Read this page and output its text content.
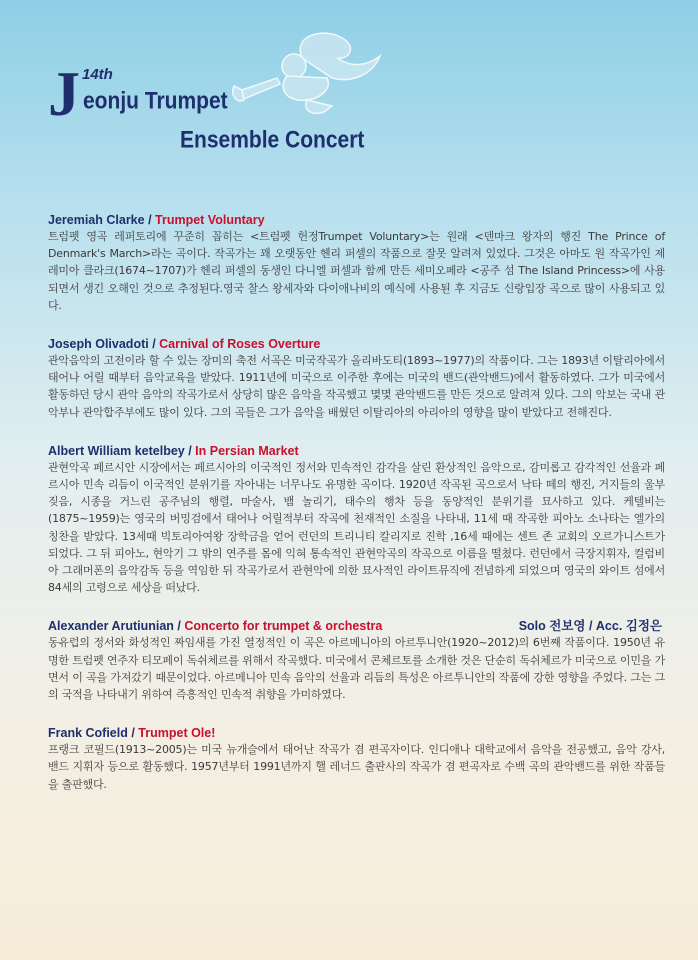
J 14th
eonju Trumpet
Ensemble Concert
Jeremiah Clarke / Trumpet Voluntary

트럼펫 영곡 레퍼토리에 꾸준히 꼽히는 <트럼펫 헌정Trumpet Voluntary>는 원래 <덴마크 왕자의 행진 The Prince of Denmark's March>라는 곡이다. 작곡가는 꽤 오랫동안 헨리 퍼셀의 작품으로 잘못 알려져 있었다. 그것은 아마도 원 작곡가인 제레미아 클라크(1674~1707)가 헨리 퍼셀의 동생인 다니엘 퍼셀과 함께 만든 세미오페라 <공주 섬 The Island Princess>에 사용되면서 생긴 오해인 것으로 추정된다.영국 찰스 왕세자와 다이애나비의 예식에 사용된 후 지금도 신랑입장 곡으로 많이 사용되고 있다.

Joseph Olivadoti / Carnival of Roses Overture

관악음악의 고전이라 할 수 있는 장미의 축전 서곡은 미국작곡가 올리바도티(1893~1977)의 작품이다. 그는 1893년 이탈리아에서 태어나 어릴 때부터 음악교육을 받았다. 1911년에 미국으로 이주한 후에는 미국의 밴드(관악밴드)에서 활동하였다. 그가 미국에서 활동하던 당시 관악 음악의 작곡가로서 상당히 많은 음악을 작곡했고 몇몇 관악밴드를 만든 것으로 알려져 있다. 그의 악보는 국내 관악부나 관악합주부에도 많이 있다. 그의 곡들은 그가 음악을 배웠던 이탈리아의 아리아의 영향을 많이 받았다고 전해진다.

Albert William ketelbey / In Persian Market

관현악곡 페르시안 시장에서는 페르시아의 이국적인 정서와 민속적인 감각을 살린 환상적인 음악으로, 감미롭고 감각적인 선율과 페르시아 민속 리듬이 이국적인 분위기를 자아내는 너무나도 유명한 곡이다. 1920년 작곡된 곡으로서 낙타 떼의 행진, 거지들의 울부짖음, 시종을 거느린 공주님의 행렬, 마술사, 뱀 놀리기, 태수의 행차 등을 동양적인 분위기를 묘사하고 있다. 케텔비는(1875~1959)는 영국의 버밍검에서 태어나 어릴적부터 작곡에 천재적인 소질을 나타내, 11세 때 작곡한 피아노 소나타는 엘가의 칭찬을 받았다. 13세때 빅토리아여왕 장학금을 얻어 런던의 트리니티 칼리지로 진학 ,16세 때에는 센트 존 교회의 오르가니스트가 되었다. 그 뒤 피아노, 현악기 그 밖의 연주를 몸에 익혀 통속적인 관현악곡의 작곡으로 이름을 떨쳤다. 런던에서 극장지휘자, 컬럼비아 그래머폰의 음악감독 등을 역임한 뒤 작곡가로서 관현악에 의한 묘사적인 라이트뮤직에 전념하게 되었으며 영국의 와이트 섬에서 84세의 고령으로 세상을 떠났다.

Alexander Arutiunian / Concerto for trumpet & orchestra	Solo 전보영 / Acc. 김정은

동유럽의 정서와 화성적인 짜임새를 가진 열정적인 이 곡은 아르메니아의 아르투니안(1920~2012)의 6번째 작품이다. 1950년 유명한 트럼펫 연주자 티모페이 독쉬체르를 위해서 작곡했다. 미국에서 콘체르토를 소개한 것은 단순히 독쉬체르가 미국으로 이민을 가면서 이 곡을 가져갔기 때문이었다. 아르메니아 민속 음악의 선율과 리듬의 특성은 아르투니안의 작품에 강한 영향을 주었다. 그는 그의 국적을 나타내기 위하여 즉흥적인 민속적 취향을 가미하였다.

Frank Cofield / Trumpet Ole!

프랭크 코필드(1913~2005)는 미국 뉴개슬에서 태어난 작곡가 겸 편곡자이다. 인디애나 대학교에서 음악을 전공했고, 음악 강사, 밴드 지휘자 등으로 활동했다. 1957년부터 1991년까지 핼 레너드 출판사의 작곡가 겸 편곡자로 수백 곡의 관악밴드를 위한 작품들을 출판했다.
